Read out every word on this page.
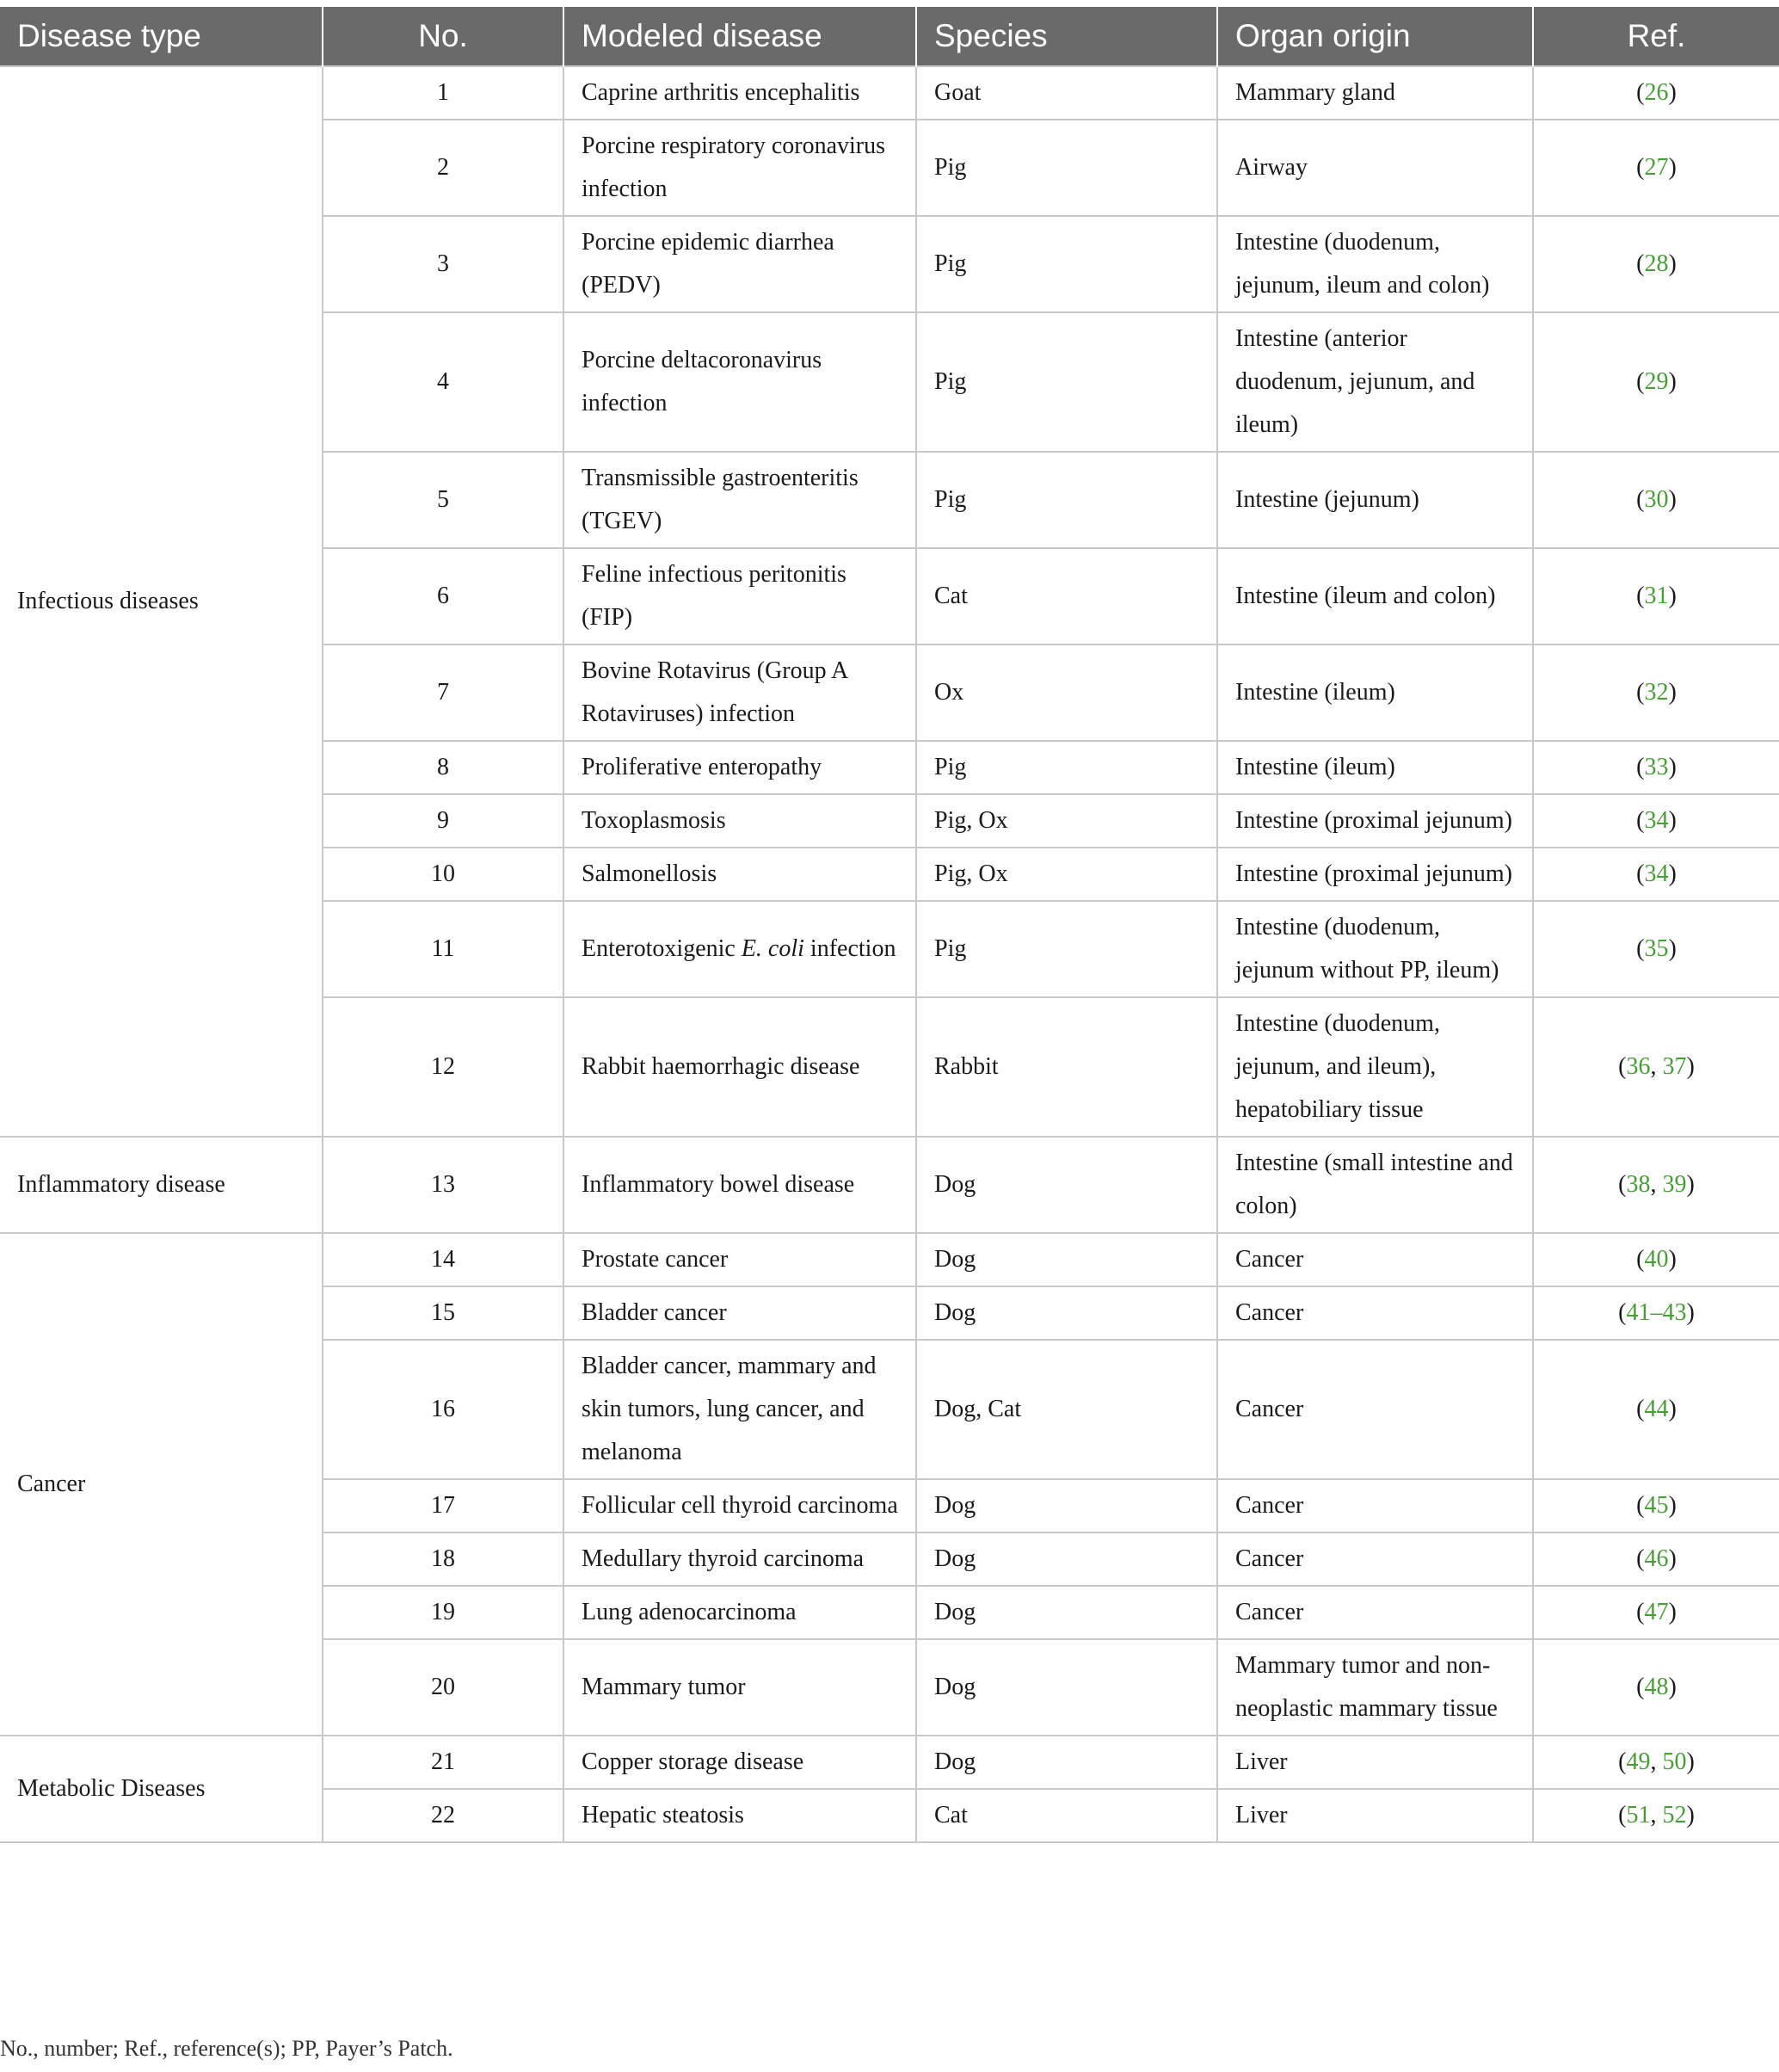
Disease type	No.	Modeled disease	Species	Organ origin	Ref.
Infectious diseases	1	Caprine arthritis encephalitis	Goat	Mammary gland	(26)
	2	Porcine respiratory coronavirus infection	Pig	Airway	(27)
	3	Porcine epidemic diarrhea (PEDV)	Pig	Intestine (duodenum, jejunum, ileum and colon)	(28)
	4	Porcine deltacoronavirus infection	Pig	Intestine (anterior duodenum, jejunum, and ileum)	(29)
	5	Transmissible gastroenteritis (TGEV)	Pig	Intestine (jejunum)	(30)
	6	Feline infectious peritonitis (FIP)	Cat	Intestine (ileum and colon)	(31)
	7	Bovine Rotavirus (Group A Rotaviruses) infection	Ox	Intestine (ileum)	(32)
	8	Proliferative enteropathy	Pig	Intestine (ileum)	(33)
	9	Toxoplasmosis	Pig, Ox	Intestine (proximal jejunum)	(34)
	10	Salmonellosis	Pig, Ox	Intestine (proximal jejunum)	(34)
	11	Enterotoxigenic E. coli infection	Pig	Intestine (duodenum, jejunum without PP, ileum)	(35)
	12	Rabbit haemorrhagic disease	Rabbit	Intestine (duodenum, jejunum, and ileum), hepatobiliary tissue	(36, 37)
Inflammatory disease	13	Inflammatory bowel disease	Dog	Intestine (small intestine and colon)	(38, 39)
Cancer	14	Prostate cancer	Dog	Cancer	(40)
	15	Bladder cancer	Dog	Cancer	(41–43)
	16	Bladder cancer, mammary and skin tumors, lung cancer, and melanoma	Dog, Cat	Cancer	(44)
	17	Follicular cell thyroid carcinoma	Dog	Cancer	(45)
	18	Medullary thyroid carcinoma	Dog	Cancer	(46)
	19	Lung adenocarcinoma	Dog	Cancer	(47)
	20	Mammary tumor	Dog	Mammary tumor and non-neoplastic mammary tissue	(48)
Metabolic Diseases	21	Copper storage disease	Dog	Liver	(49, 50)
	22	Hepatic steatosis	Cat	Liver	(51, 52)
No., number; Ref., reference(s); PP, Payer’s Patch.
